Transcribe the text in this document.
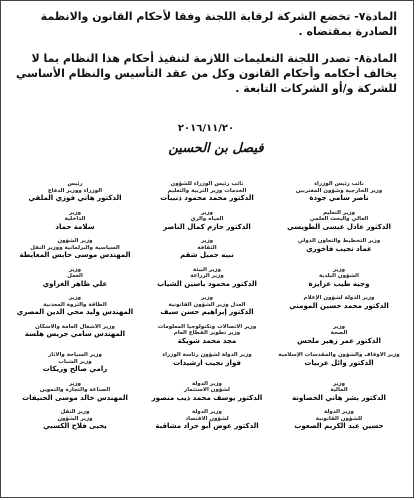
المادة٧- تخضع الشركة لرقابة اللجنة وفقا لأحكام القانون والانظمة الصادرة بمقتضاه .

المادة٨- تصدر اللجنة التعليمات اللازمة لتنفيذ أحكام هذا النظام بما لا يخالف أحكامه وأحكام القانون وكل من عقد التأسيس والنظام الأساسي للشركة و/أو الشركات التابعة .

٢٠١٦/١١/٢٠
فيصل بن الحسين
نائب رئيس الوزراء
وزير الخارجية وشؤون المغتربين
ناصر سامي جودة
نائب رئيس الوزراء للشؤون
الخدمات وزير التربية والتعليم
الدكتور محمد محمود ذنيبات
رئيس
الوزراء ووزير الدفاع
الدكتور هاني فوزي الملقي
وزير التعليم
العالي والبحث العلمي
الدكتور عادل عيسى الطويسي
وزير
المياه والري
الدكتور حازم كمال الناصر
وزير
الداخلية
سلامة حماد
وزير التخطيط والتعاون الدولي
عماد نجيب فاخوري
وزير
الثقافة
نبيه جميل شقم
وزير الشؤون
السياسية والبرلمانية ووزير النقل
المهندس موسى حابس المعايطة
وزير
الشؤون البلدية
وجيه طيب عزايزة
وزير البيئة
وزير الزراعة
الدكتور محمود ياسين الشياب
وزير
العمل
علي ظاهر الغزاوي
وزير الدولة لشؤون الإعلام
الدكتور محمد حسين المومني
وزير
العدل وزير الشؤون القانونية
الدكتور إبراهيم حسن سيف
وزير
الطاقة والثروة المعدنية
المهندس وليد محي الدين المصري
وزير
الصحة
الدكتور عمر زهير ملحس
وزير الاتصالات وتكنولوجيا المعلومات
وزير تطوير القطاع العام
مجد محمد شويكة
وزير الأشغال العامة والاسكان
المهندس سامي جريس هلسة
وزير الأوقاف والشؤون والمقدسات الإسلامية
الدكتور وائل عربيات
وزير الدولة لشؤون رئاسة الوزراء
فواز نجيب ارشيدات
وزير السياحة والآثار
وزير الشباب
رامي صالح وريكات
وزير
المالية
الدكتور بشر هاني الخصاونة
وزير الدولة
لشؤون الاستثمار
الدكتور يوسف محمد ذيب منصور
وزير
الصناعة والتجارة والتموين
المهندس خالد موسى الحنيفات
وزير الدولة
للشؤون القانونية
حسين عبد الكريم الصعوب
وزير الدولة
لشؤون الاقتصاد
الدكتور عوض أبو جراد مشاقبة
وزير النقل
وزير الشؤون
يحيى فلاح الكسبي
